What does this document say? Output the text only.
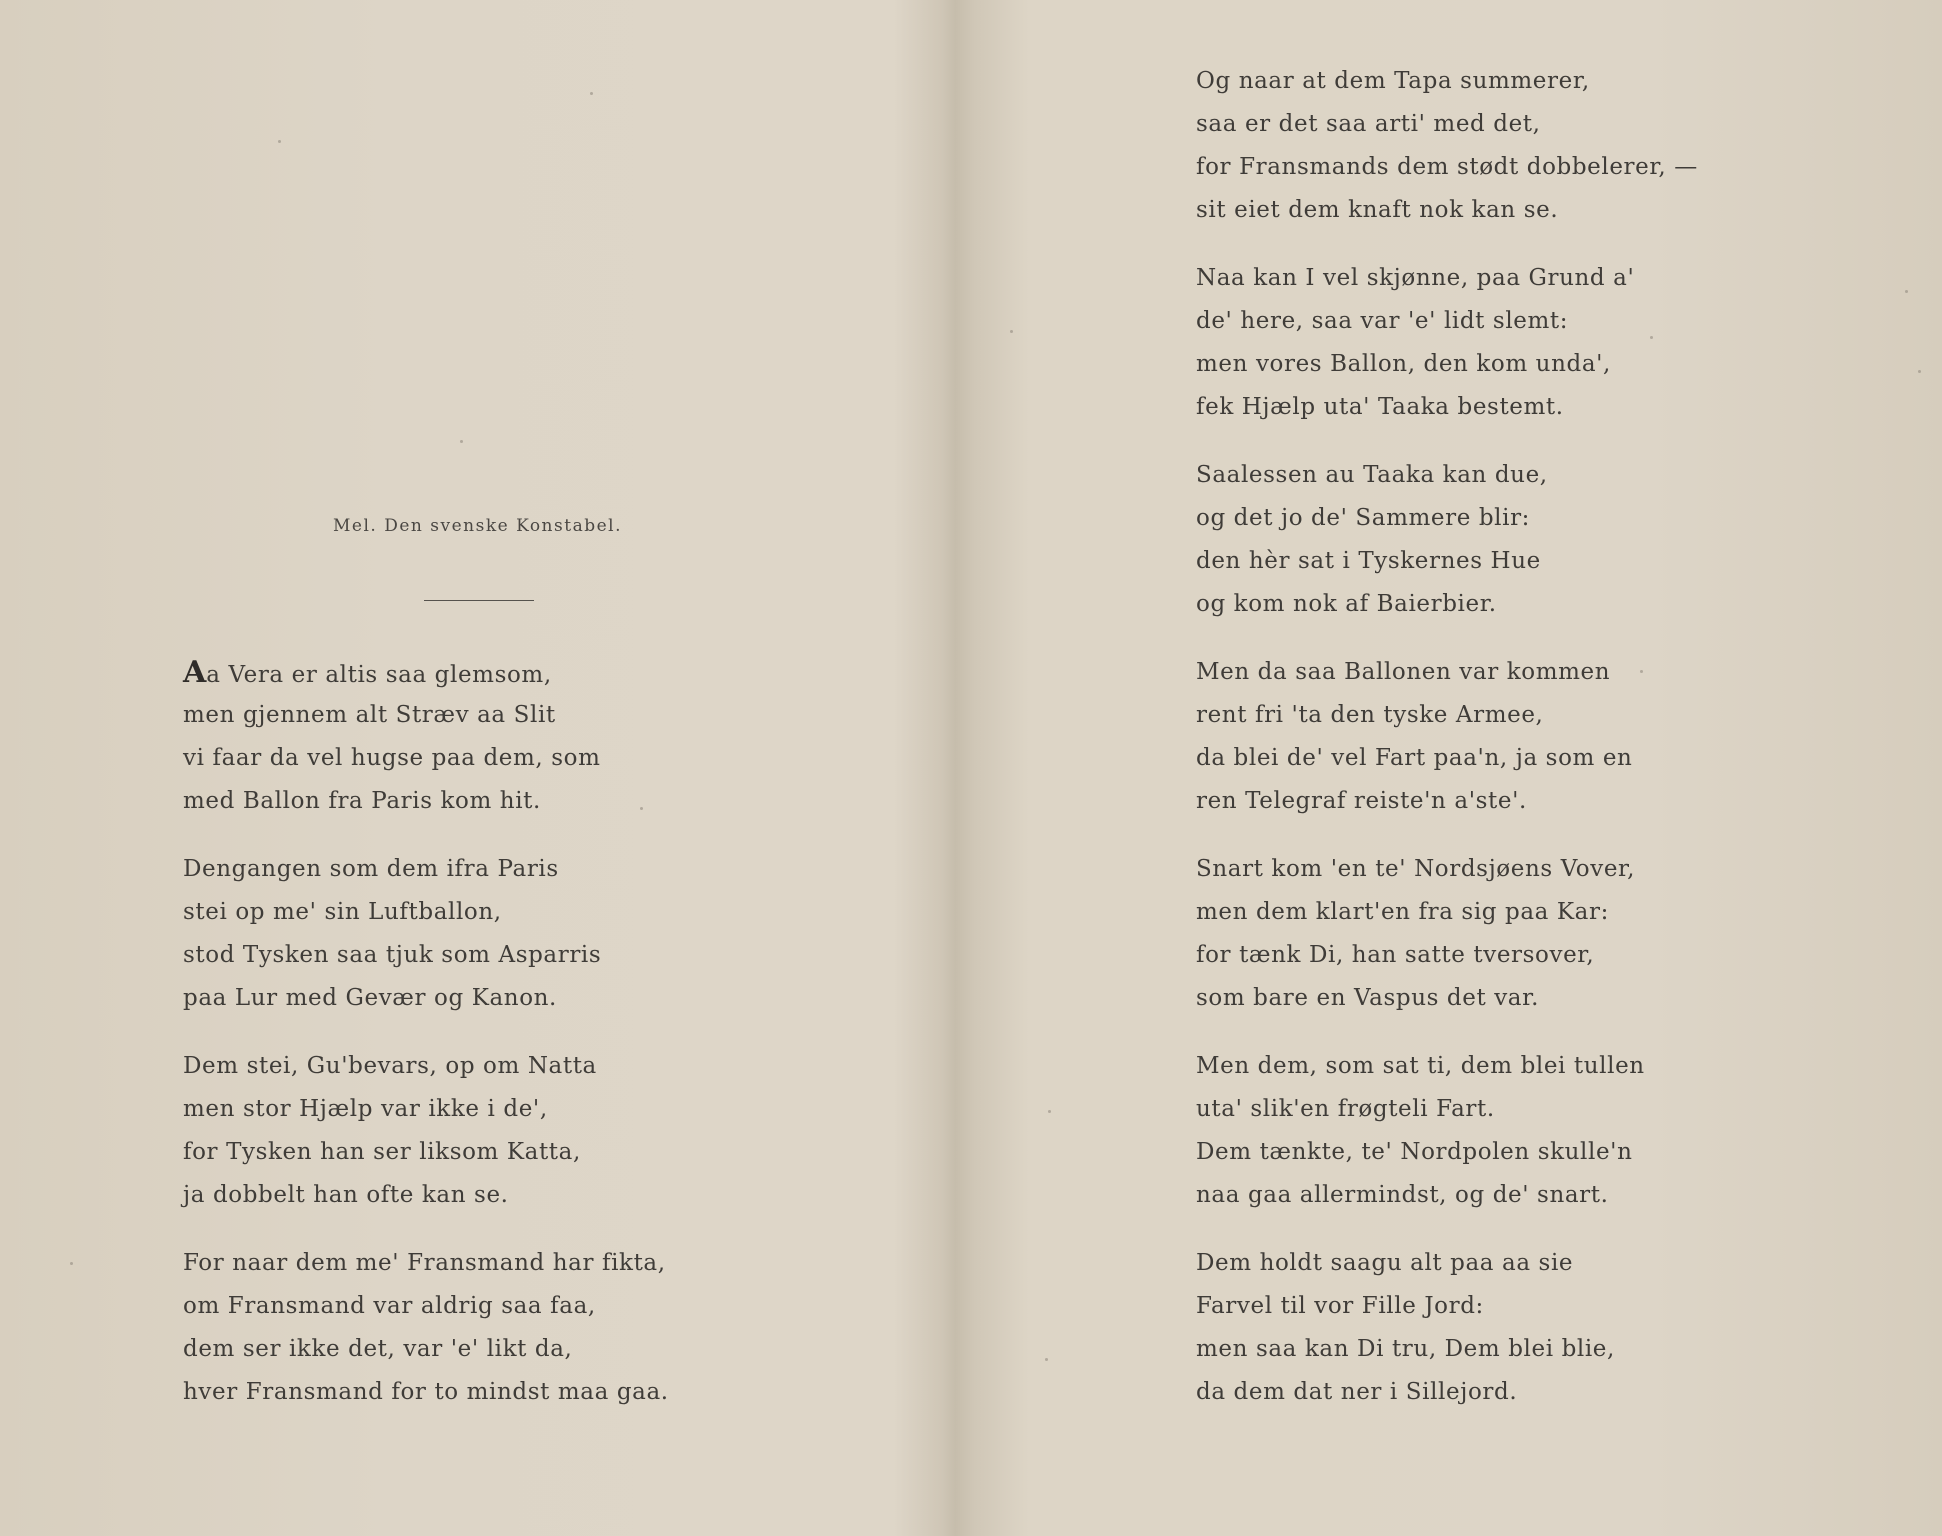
Mel. Den svenske Konstabel.
Aa Vera er altis saa glemsom,
men gjennem alt Stræv aa Slit
vi faar da vel hugse paa dem, som
med Ballon fra Paris kom hit.
Dengangen som dem ifra Paris
stei op me' sin Luftballon,
stod Tysken saa tjuk som Asparris
paa Lur med Gevær og Kanon.
Dem stei, Gu'bevars, op om Natta
men stor Hjælp var ikke i de',
for Tysken han ser liksom Katta,
ja dobbelt han ofte kan se.
For naar dem me' Fransmand har fikta,
om Fransmand var aldrig saa faa,
dem ser ikke det, var 'e' likt da,
hver Fransmand for to mindst maa gaa.
Og naar at dem Tapa summerer,
saa er det saa arti' med det,
for Fransmands dem stødt dobbelerer, —
sit eiet dem knaft nok kan se.
Naa kan I vel skjønne, paa Grund a'
de' here, saa var 'e' lidt slemt:
men vores Ballon, den kom unda',
fek Hjælp uta' Taaka bestemt.
Saalessen au Taaka kan due,
og det jo de' Sammere blir:
den hèr sat i Tyskernes Hue
og kom nok af Baierbier.
Men da saa Ballonen var kommen
rent fri 'ta den tyske Armee,
da blei de' vel Fart paa'n, ja som en
ren Telegraf reiste'n a'ste'.
Snart kom 'en te' Nordsjøens Vover,
men dem klart'en fra sig paa Kar:
for tænk Di, han satte tversover,
som bare en Vaspus det var.
Men dem, som sat ti, dem blei tullen
uta' slik'en frøgteli Fart.
Dem tænkte, te' Nordpolen skulle'n
naa gaa allermindst, og de' snart.
Dem holdt saagu alt paa aa sie
Farvel til vor Fille Jord:
men saa kan Di tru, Dem blei blie,
da dem dat ner i Sillejord.
